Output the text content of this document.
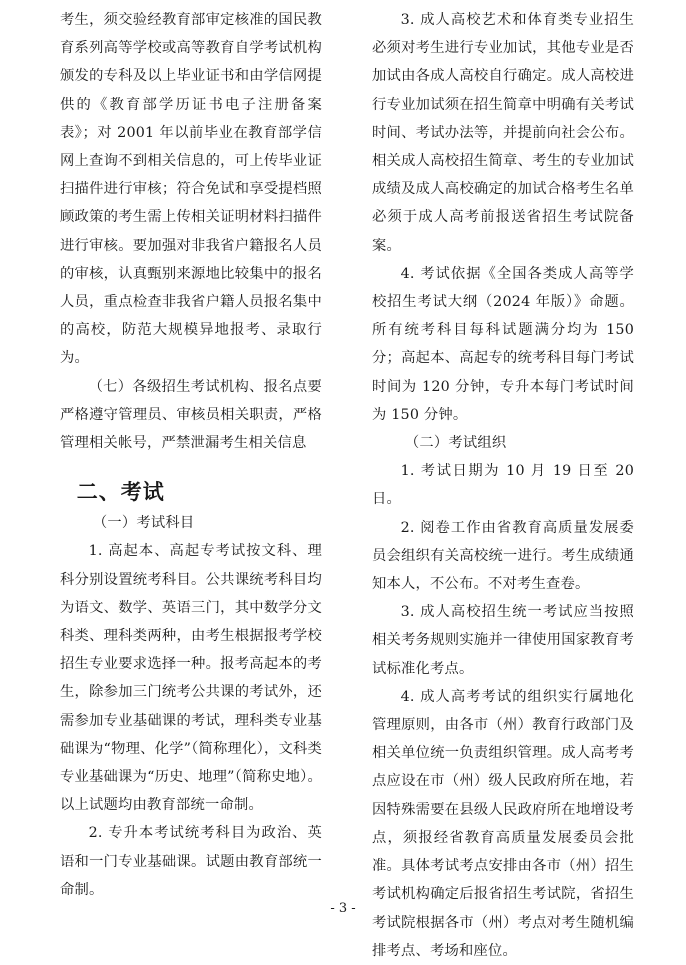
考生，须交验经教育部审定核准的国民教育系列高等学校或高等教育自学考试机构颁发的专科及以上毕业证书和由学信网提供的《教育部学历证书电子注册备案表》；对 2001 年以前毕业在教育部学信网上查询不到相关信息的，可上传毕业证扫描件进行审核；符合免试和享受提档照顾政策的考生需上传相关证明材料扫描件进行审核。要加强对非我省户籍报名人员的审核，认真甄别来源地比较集中的报名人员，重点检查非我省户籍人员报名集中的高校，防范大规模异地报考、录取行为。

（七）各级招生考试机构、报名点要严格遵守管理员、审核员相关职责，严格管理相关帐号，严禁泄漏考生相关信息

二、考试

（一）考试科目

1. 高起本、高起专考试按文科、理科分别设置统考科目。公共课统考科目均为语文、数学、英语三门，其中数学分文科类、理科类两种，由考生根据报考学校招生专业要求选择一种。报考高起本的考生，除参加三门统考公共课的考试外，还需参加专业基础课的考试，理科类专业基础课为“物理、化学”（简称理化），文科类专业基础课为“历史、地理”（简称史地）。以上试题均由教育部统一命制。

2. 专升本考试统考科目为政治、英语和一门专业基础课。试题由教育部统一命制。

3. 成人高校艺术和体育类专业招生必须对考生进行专业加试，其他专业是否加试由各成人高校自行确定。成人高校进行专业加试须在招生简章中明确有关考试时间、考试办法等，并提前向社会公布。相关成人高校招生简章、考生的专业加试成绩及成人高校确定的加试合格考生名单必须于成人高考前报送省招生考试院备案。

4. 考试依据《全国各类成人高等学校招生考试大纲（2024 年版）》命题。所有统考科目每科试题满分均为 150 分；高起本、高起专的统考科目每门考试时间为 120 分钟，专升本每门考试时间为 150 分钟。

（二）考试组织

1. 考试日期为 10 月 19 日至 20 日。

2. 阅卷工作由省教育高质量发展委员会组织有关高校统一进行。考生成绩通知本人，不公布。不对考生查卷。

3. 成人高校招生统一考试应当按照相关考务规则实施并一律使用国家教育考试标准化考点。

4. 成人高考考试的组织实行属地化管理原则，由各市（州）教育行政部门及相关单位统一负责组织管理。成人高考考点应设在市（州）级人民政府所在地，若因特殊需要在县级人民政府所在地增设考点，须报经省教育高质量发展委员会批准。具体考试考点安排由各市（州）招生考试机构确定后报省招生考试院，省招生考试院根据各市（州）考点对考生随机编排考点、考场和座位。

- 3 -
